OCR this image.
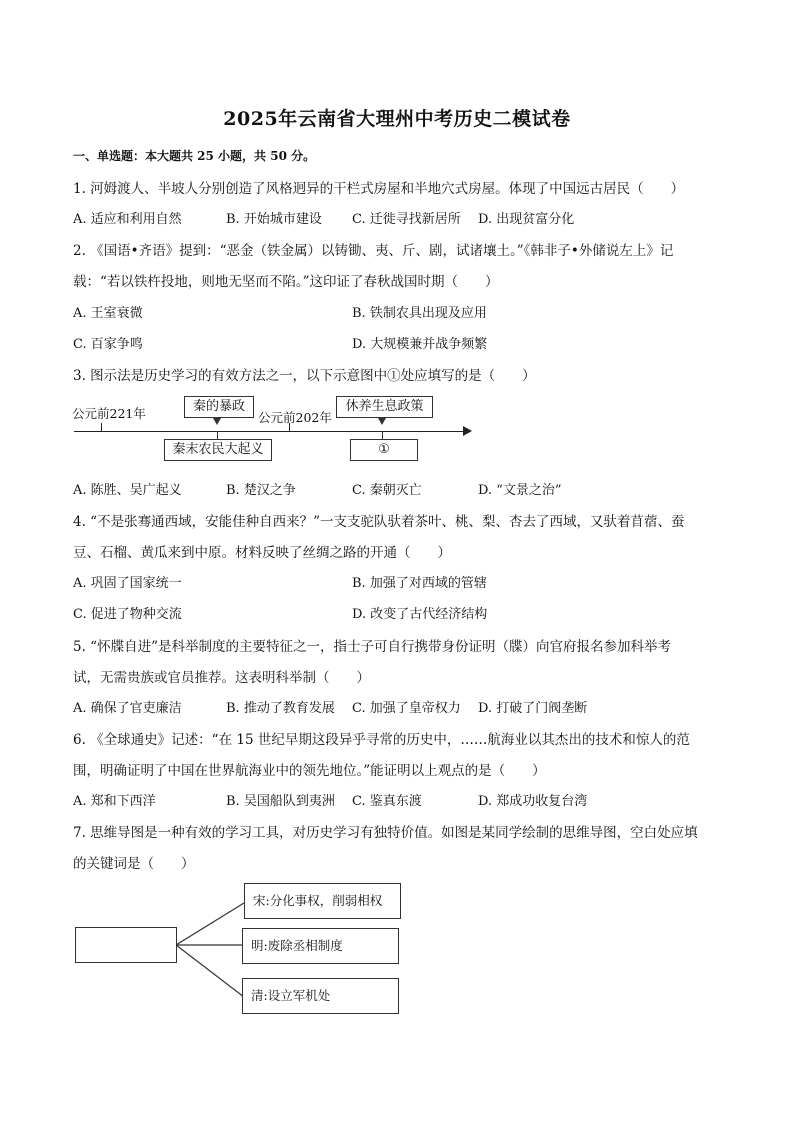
2025年云南省大理州中考历史二模试卷
一、单选题：本大题共 25 小题，共 50 分。
1. 河姆渡人、半坡人分别创造了风格迥异的干栏式房屋和半地穴式房屋。体现了中国远古居民（　　）
A. 适应和利用自然	B. 开始城市建设 C. 迁徙寻找新居所 D. 出现贫富分化
2. 《国语•齐语》提到：“恶金（铁金属）以铸锄、夷、斤、剧，试诸壤土。”《韩非子•外储说左上》记
载：“若以铁杵投地，则地无坚而不陷。”这印证了春秋战国时期（　　）
A. 王室衰微	B. 铁制农具出现及应用
C. 百家争鸣	D. 大规模兼并战争频繁
3. 图示法是历史学习的有效方法之一，以下示意图中①处应填写的是（　　）
公元前221年	公元前202年
秦的暴政	休养生息政策
秦末农民大起义	①
A. 陈胜、吴广起义	B. 楚汉之争	C. 秦朝灭亡	D. “文景之治”
4. “不是张骞通西域，安能佳种自西来？”一支支驼队驮着茶叶、桃、梨、杏去了西域，又驮着苜蓿、蚕
豆、石榴、黄瓜来到中原。材料反映了丝绸之路的开通（　　）
A. 巩固了国家统一	B. 加强了对西域的管辖
C. 促进了物种交流	D. 改变了古代经济结构
5. “怀牒自进”是科举制度的主要特征之一，指士子可自行携带身份证明（牒）向官府报名参加科举考
试，无需贵族或官员推荐。这表明科举制（　　）
A. 确保了官吏廉洁	B. 推动了教育发展 C. 加强了皇帝权力 D. 打破了门阀垄断
6. 《全球通史》记述：“在 15 世纪早期这段异乎寻常的历史中，……航海业以其杰出的技术和惊人的范
围，明确证明了中国在世界航海业中的领先地位。”能证明以上观点的是（　　）
A. 郑和下西洋	B. 吴国船队到夷洲 C. 鉴真东渡	D. 郑成功收复台湾
7. 思维导图是一种有效的学习工具，对历史学习有独特价值。如图是某同学绘制的思维导图，空白处应填
的关键词是（　　）
宋:分化事权，削弱相权
明:废除丞相制度
清:设立军机处
